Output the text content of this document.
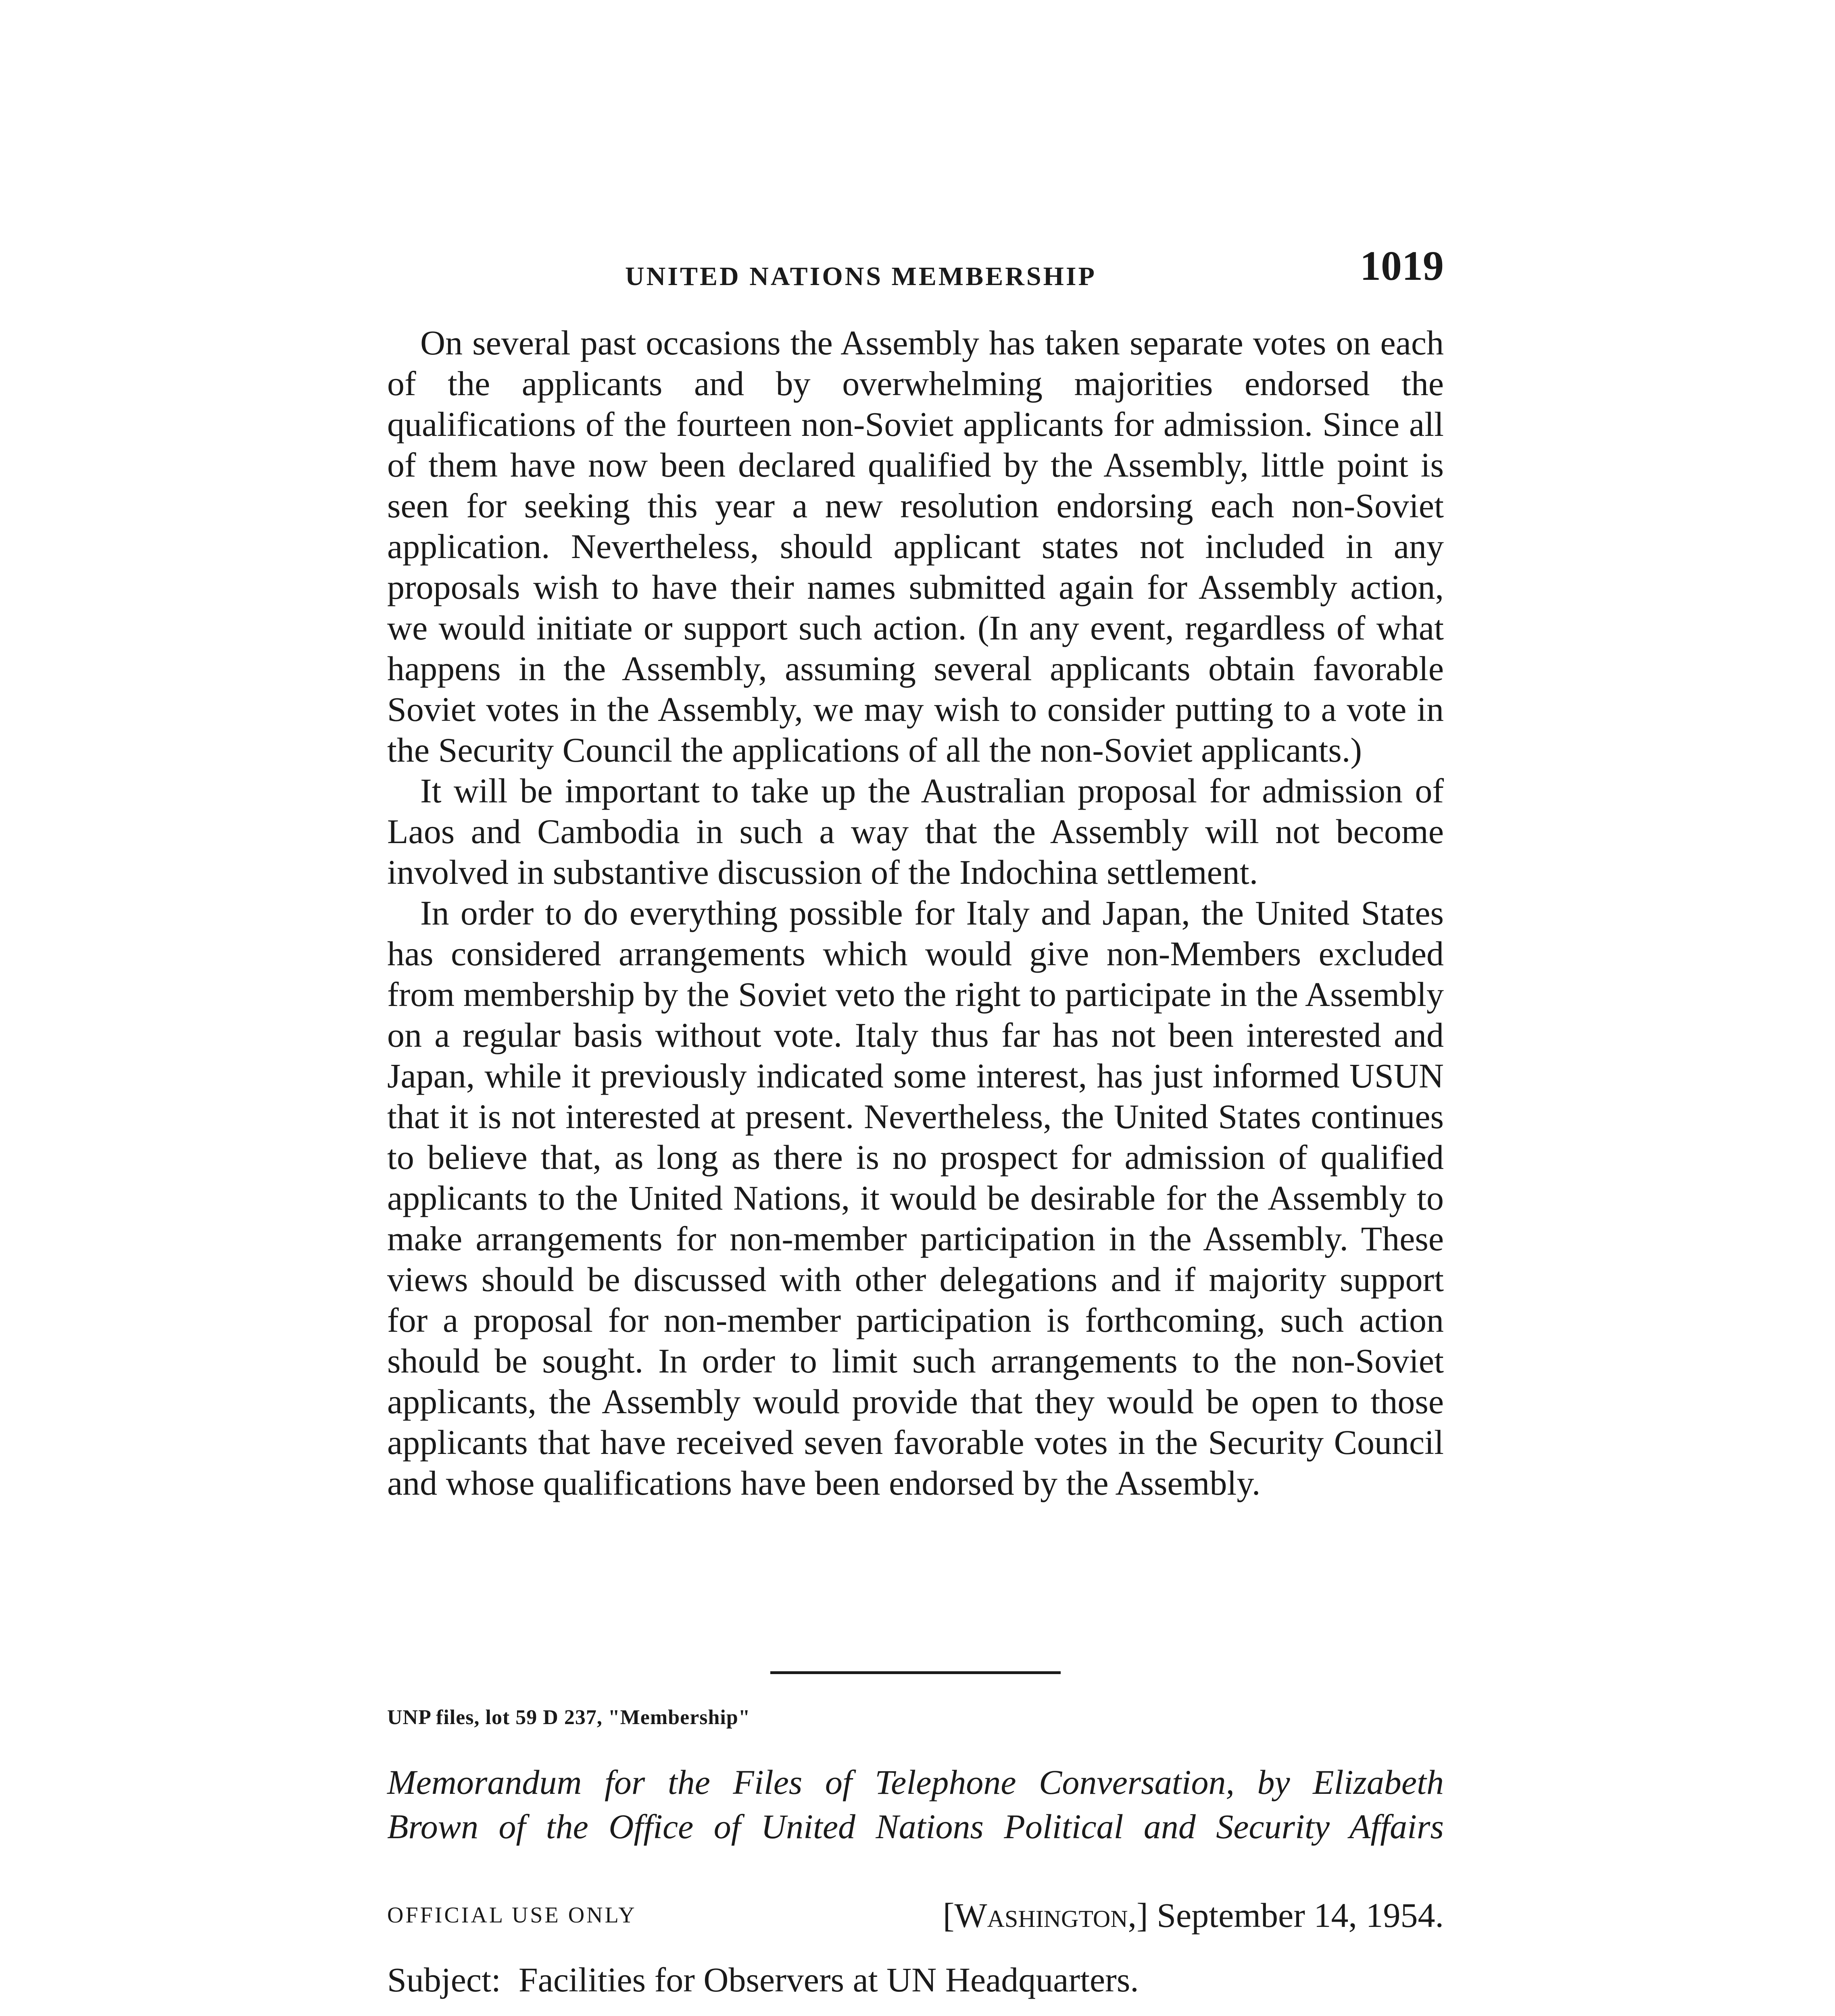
UNITED NATIONS MEMBERSHIP	1019

On several past occasions the Assembly has taken separate votes on each of the applicants and by overwhelming majorities endorsed the qualifications of the fourteen non-Soviet applicants for admission. Since all of them have now been declared qualified by the Assembly, little point is seen for seeking this year a new resolution endorsing each non-Soviet application. Nevertheless, should applicant states not included in any proposals wish to have their names submitted again for Assembly action, we would initiate or support such action. (In any event, regardless of what happens in the Assembly, assuming several applicants obtain favorable Soviet votes in the Assembly, we may wish to consider putting to a vote in the Security Council the applications of all the non-Soviet applicants.)

It will be important to take up the Australian proposal for admission of Laos and Cambodia in such a way that the Assembly will not become involved in substantive discussion of the Indochina settlement.

In order to do everything possible for Italy and Japan, the United States has considered arrangements which would give non-Members excluded from membership by the Soviet veto the right to participate in the Assembly on a regular basis without vote. Italy thus far has not been interested and Japan, while it previously indicated some interest, has just informed USUN that it is not interested at present. Nevertheless, the United States continues to believe that, as long as there is no prospect for admission of qualified applicants to the United Nations, it would be desirable for the Assembly to make arrangements for non-member participation in the Assembly. These views should be discussed with other delegations and if majority support for a proposal for non-member participation is forthcoming, such action should be sought. In order to limit such arrangements to the non-Soviet applicants, the Assembly would provide that they would be open to those applicants that have received seven favorable votes in the Security Council and whose qualifications have been endorsed by the Assembly.

UNP files, lot 59 D 237, "Membership"
Memorandum for the Files of Telephone Conversation, by Elizabeth
Brown of the Office of United Nations Political and Security Affairs
OFFICIAL USE ONLY	[Washington,] September 14, 1954.
Subject: Facilities for Observers at UN Headquarters.
